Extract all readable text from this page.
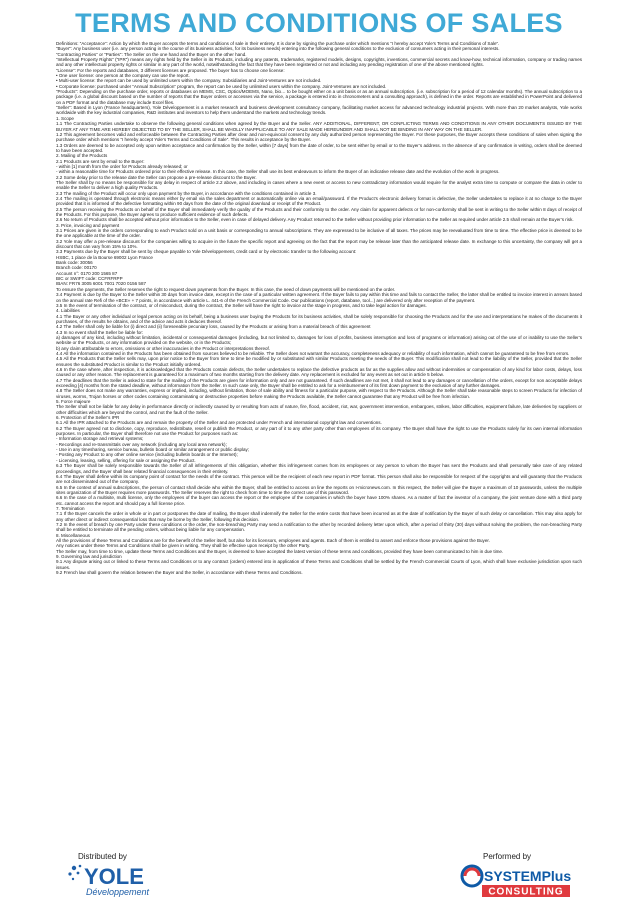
TERMS AND CONDITIONS OF SALES

Definitions: “Acceptance”: Action by which the Buyer accepts the terms and conditions of sale in their entirety. It is done by signing the purchase order which mentions “I hereby accept Yole’s Terms and Conditions of Sale”.

“Buyer”: Any business user (i.e. any person acting in the course of its business activities, for its business needs) entering into the following general conditions to the exclusion of consumers acting in their personal interests.

“Contracting Parties” or “Parties”: The Seller on the one hand and the Buyer on the other hand.

“Intellectual Property Rights” (“IPR”) means any rights held by the Seller in its Products, including any patents, trademarks, registered models, designs, copyrights, inventions, commercial secrets and know-how, technical information, company or trading names and any other intellectual property rights or similar in any part of the world, notwithstanding the fact that they have been registered or not and including any pending registration of one of the above mentioned rights.

“License”: For the reports and databases, 3 different licenses are proposed. The buyer has to choose one license:

• One user license: one person at the company can use the report.

• Multi-user license: the report can be used by unlimited users within the company. Subsidiaries and Joint-Ventures are not included.

• Corporate license: purchased under “Annual Subscription” program, the report can be used by unlimited users within the company. Joint-Ventures are not included.

“Products”: Depending on the purchase order, reports or databases on MEMS, CSC, Optics/MOEMS, Nano, bio… to be bought either on a unit basis or as an annual subscription. (i.e. subscription for a period of 12 calendar months). The annual subscription to a package (i.e. a global discount based on the number of reports that the Buyer orders or accesses via the service, a package is entered into in chronometers and a consulting approach), is defined in the order. Reports are established in PowerPoint and delivered on a PDF format and the database may include Excel files.

“Seller”: Based in Lyon (France headquarters), Yole Développement is a market research and business development consultancy company, facilitating market access for advanced technology industrial projects. With more than 20 market analysts, Yole works worldwide with the key industrial companies, R&D institutes and investors to help them understand the markets and technology trends.

1. Scope

1.1 The Contracting Parties undertake to observe the following general conditions when agreed by the Buyer and the Seller. ANY ADDITIONAL, DIFFERENT, OR CONFLICTING TERMS AND CONDITIONS IN ANY OTHER DOCUMENTS ISSUED BY THE BUYER AT ANY TIME ARE HEREBY OBJECTED TO BY THE SELLER, SHALL BE WHOLLY INAPPLICABLE TO ANY SALE MADE HEREUNDER AND SHALL NOT BE BINDING IN ANY WAY ON THE SELLER.

1.2 This agreement becomes valid and enforceable between the Contracting Parties after clear and non-equivocal consent by any duly authorized person representing the Buyer. For these purposes, the Buyer accepts these conditions of sales when signing the purchase order which mentions “I hereby accept Yole’s Terms and Conditions of Sale”. This results in acceptance by the Buyer.

1.3 Orders are deemed to be accepted only upon written acceptance and confirmation by the Seller, within [7 days] from the date of order, to be sent either by email or to the Buyer’s address. In the absence of any confirmation in writing, orders shall be deemed to have been accepted.

2. Mailing of the Products

2.1 Products are sent by email to the Buyer:

- within [1] month from the order for Products already released; or

- within a reasonable time for Products ordered prior to their effective release. In this case, the Seller shall use its best endeavours to inform the Buyer of an indicative release date and the evolution of the work in progress.

2.2 Some delay prior to the release date the Seller can propose a pre-release discount to the Buyer.

The Seller shall by no means be responsible for any delay in respect of article 2.2 above, and including in cases where a new event or access to new contradictory information would require for the analyst extra time to compute or compare the data in order to enable the Seller to deliver a high quality Products.

2.3 The mailing of the Product will occur only upon payment by the Buyer, in accordance with the conditions contained in article 3.

2.4 The mailing is operated through electronic means either by email via the sales department or automatically online via an email/password. If the Product’s electronic delivery format is defective, the Seller undertakes to replace it at no charge to the Buyer provided that it is informed of the defective formatting within 90 days from the date of the original download or receipt of the Product.

2.5 The person receiving the Products on behalf of the Buyer shall immediately verify the quality of the Products and their conformity to the order. Any claim for apparent defects or for non-conformity shall be sent in writing to the Seller within 8 days of receipt of the Products. For this purpose, the Buyer agrees to produce sufficient evidence of such defects.

2.6 No return of Products shall be accepted without prior information to the Seller, even in case of delayed delivery. Any Product returned to the Seller without providing prior information to the Seller as required under article 2.5 shall remain at the Buyer’s risk.

3. Price, invoicing and payment

3.1 Prices are given in the orders corresponding to each Product sold on a unit basis or corresponding to annual subscriptions. They are expressed to be inclusive of all taxes. The prices may be reevaluated from time to time. The effective price is deemed to be the one applicable at the time of the order.

3.2 Yole may offer a pre-release discount for the companies willing to acquire in the future the specific report and agreeing on the fact that the report may be release later than the anticipated release date. In exchange to this uncertainty, the company will get a discount that can vary from 15% to 10%.

3.3 Payments due by the Buyer shall be sent by cheque payable to Yole Développement, credit card or by electronic transfer to the following account:

HSBC, 1 place de la Bourse 69002 Lyon France

Bank code: 30056

Branch code: 00170

Account n°: 0170 200 1565 87

BIC or SWIFT code: CCFRFRPP

IBAN: FR76 3005 6001 7001 7020 0156 587

To ensure the payments, the Seller reserves the right to request down payments from the Buyer. In this case, the need of down payments will be mentioned on the order.

3.4 Payment is due by the Buyer to the Seller within 30 days from invoice date, except in the case of a particular written agreement. If the Buyer fails to pay within this time and fails to contact the Seller, the latter shall be entitled to invoice interest in arrears based on the annual rate Refi of the «BCE» + 7 points, in accordance with article L. 441-6 of the French Commercial Code. Our publications (report, database, tool...) are delivered only after reception of the payment.

3.5 In the event of termination of the contract, or of misconduct, during the contract, the Seller will have the right to invoice at the stage in progress, and to take legal action for damages.

4. Liabilities

4.1 The Buyer or any other individual or legal person acting on its behalf, being a business user buying the Products for its business activities, shall be solely responsible for choosing the Products and for the use and interpretations he makes of the documents it purchases, of the results he obtains, and of the advice and acts it deduces thereof.

4.2 The Seller shall only be liable for (i) direct and (ii) foreseeable pecuniary loss, caused by the Products or arising from a material breach of this agreement

4.3 In no event shall the Seller be liable for:

a) damages of any kind, including without limitation, incidental or consequential damages (including, but not limited to, damages for loss of profits, business interruption and loss of programs or information) arising out of the use of or inability to use the Seller’s website or the Products, or any information provided on the website, or in the Products;

b) any claim attributable to errors, omissions or other inaccuracies in the Product or interpretations thereof.

4.4 All the information contained in the Products has been obtained from sources believed to be reliable. The Seller does not warrant the accuracy, completeness adequacy or reliability of such information, which cannot be guaranteed to be free from errors.

4.5 All the Products that the Seller sells may, upon prior notice to the Buyer from time to time be modified by or substituted with similar Products meeting the needs of the Buyer. This modification shall not lead to the liability of the Seller, provided that the Seller ensures the substituted Product is similar to the Product initially ordered.

4.6 In the case where, after inspection, it is acknowledged that the Products contain defects, the Seller undertakes to replace the defective products as far as the supplies allow and without indemnities or compensation of any kind for labor costs, delays, loss caused or any other reason. The replacement is guaranteed for a maximum of two months starting from the delivery date. Any replacement is excluded for any event as set out in article 5 below.

4.7 The deadlines that the Seller is asked to state for the mailing of the Products are given for information only and are not guaranteed. If such deadlines are not met, it shall not lead to any damages or cancellation of the orders, except for non acceptable delays exceeding [4] months from the stated deadline, without information from the Seller. In such case only, the Buyer shall be entitled to ask for a reimbursement of its first down payment to the exclusion of any further damages.

4.8 The Seller does not make any warranties, express or implied, including, without limitation, those of sale ability and fitness for a particular purpose, with respect to the Products. Although the Seller shall take reasonable steps to screen Products for infection of viruses, worms, Trojan horses or other codes containing contaminating or destructive properties before making the Products available, the Seller cannot guarantee that any Product will be free from infection.

5. Force majeure

The Seller shall not be liable for any delay in performance directly or indirectly caused by or resulting from acts of nature, fire, flood, accident, riot, war, government intervention, embargoes, strikes, labor difficulties, equipment failure, late deliveries by suppliers or other difficulties which are beyond the control, and not the fault of the Seller.

6. Protection of the Seller’s IPR

6.1 All the IPR attached to the Products are and remain the property of the Seller and are protected under French and international copyright law and conventions.

6.2 The Buyer agreed not to disclose, copy, reproduce, redistribute, resell or publish the Product, or any part of it to any other party other than employees of its company. The Buyer shall have the right to use the Products solely for its own internal information purposes. In particular, the Buyer shall therefore not use the Product for purposes such as:

- Information storage and retrieval systems;

- Recordings and re-transmittals over any network (including any local area network);

- Use in any timesharing, service bureau, bulletin board or similar arrangement or public display;

- Posting any Product to any other online service (including bulletin boards or the Internet);

- Licensing, leasing, selling, offering for sale or assigning the Product.

6.3 The Buyer shall be solely responsible towards the Seller of all infringements of this obligation, whether this infringement comes from its employees or any person to whom the Buyer has sent the Products and shall personally take care of any related proceedings, and the Buyer shall bear related financial consequences in their entirety.

6.4 The Buyer shall define within its company point of contact for the needs of the contract. This person will be the recipient of each new report in PDF format. This person shall also be responsible for respect of the copyrights and will guaranty that the Products are not disseminated out of the company.

6.5 In the context of annual subscriptions, the person of contact shall decide who within the Buyer, shall be entitled to access on line the reports on I-micronews.com. In this respect, the Seller will give the Buyer a maximum of 10 passwords, unless the multiple sites organization of the Buyer requires more passwords. The Seller reserves the right to check from time to time the correct use of this password.

6.6 In the case of a multisite, multi license, only the employees of the buyer can access the report or the employee of the companies in which the buyer have 100% shares. As a matter of fact the investor of a company, the joint venture done with a third party etc..cannot access the report and should pay a full license price.

7. Termination

7.1 If the Buyer cancels the order in whole or in part or postpones the date of mailing, the Buyer shall indemnify the Seller for the entire costs that have been incurred as at the date of notification by the Buyer of such delay or cancellation. This may also apply for any other direct or indirect consequential loss that may be borne by the Seller, following this decision.

7.2 In the event of breach by one Party under these conditions or the order, the non-breaching Party may send a notification to the other by recorded delivery letter upon which, after a period of thirty (30) days without solving the problem, the non-breaching Party shall be entitled to terminate all the pending orders, without being liable for any compensation.

8. Miscellaneous

All the provisions of these Terms and Conditions are for the benefit of the Seller itself, but also for its licensors, employees and agents. Each of them is entitled to assert and enforce those provisions against the Buyer.

Any notices under these Terms and Conditions shall be given in writing. They shall be effective upon receipt by the other Party.

The Seller may, from time to time, update these Terms and Conditions and the Buyer, is deemed to have accepted the latest version of these terms and conditions, provided they have been communicated to him in due time.

9. Governing law and jurisdiction

9.1 Any dispute arising out or linked to these Terms and Conditions or to any contract (orders) entered into in application of these Terms and Conditions shall be settled by the French Commercial Courts of Lyon, which shall have exclusive jurisdiction upon such issues.

9.2 French law shall govern the relation between the Buyer and the Seller, in accordance with these Terms and Conditions.

Distributed by	Performed by
YOLE
Développement
SYSTEMPlus
CONSULTING
